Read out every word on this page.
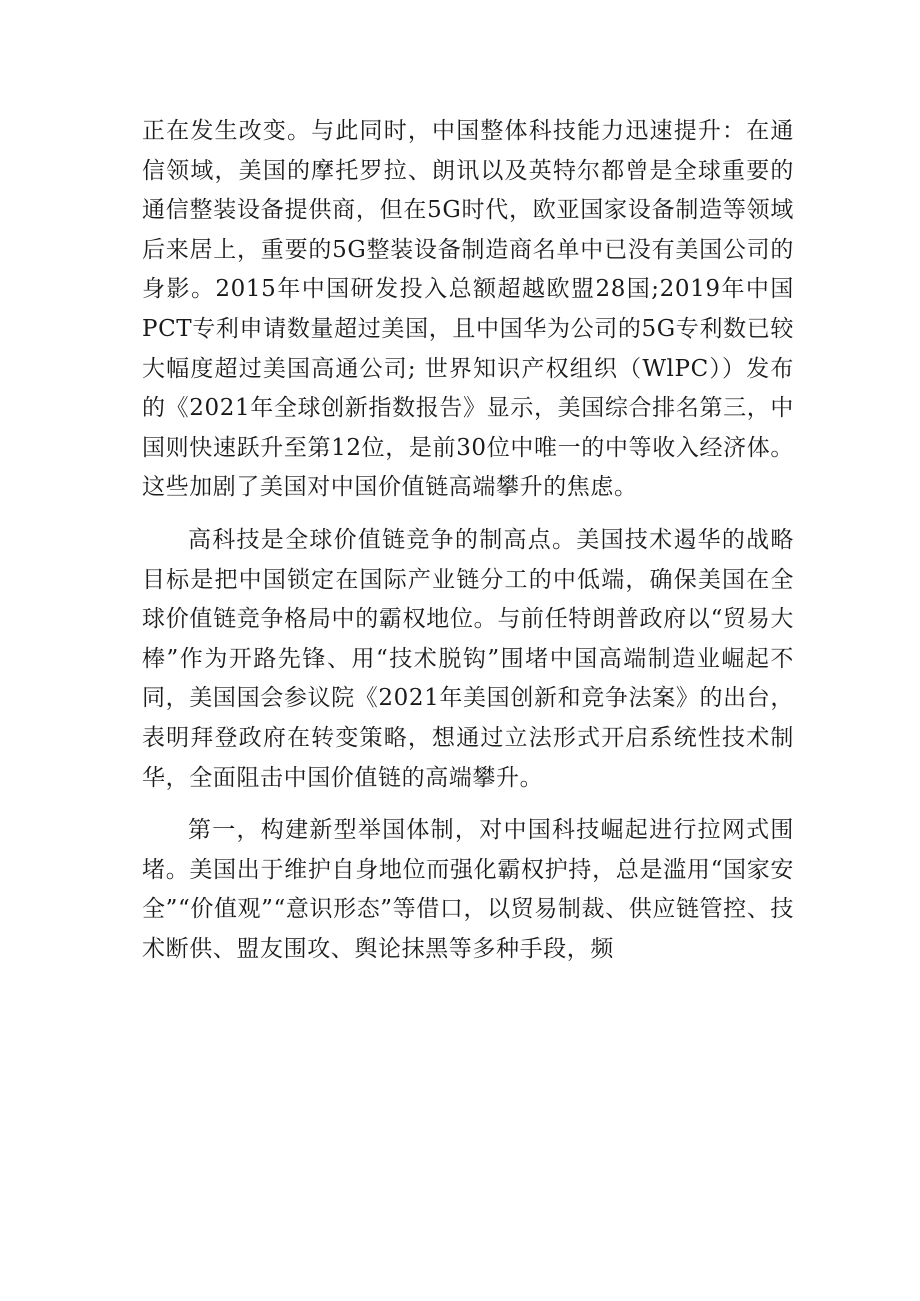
正在发生改变。与此同时，中国整体科技能力迅速提升：在通信领域，美国的摩托罗拉、朗讯以及英特尔都曾是全球重要的通信整装设备提供商，但在5G时代，欧亚国家设备制造等领域后来居上，重要的5G整装设备制造商名单中已没有美国公司的身影。2015年中国研发投入总额超越欧盟28国;2019年中国PCT专利申请数量超过美国，且中国华为公司的5G专利数已较大幅度超过美国高通公司; 世界知识产权组织（WlPC））发布的《2021年全球创新指数报告》显示，美国综合排名第三，中国则快速跃升至第12位，是前30位中唯一的中等收入经济体。这些加剧了美国对中国价值链高端攀升的焦虑。

高科技是全球价值链竞争的制高点。美国技术遏华的战略目标是把中国锁定在国际产业链分工的中低端，确保美国在全球价值链竞争格局中的霸权地位。与前任特朗普政府以“贸易大棒”作为开路先锋、用“技术脱钩”围堵中国高端制造业崛起不同，美国国会参议院《2021年美国创新和竞争法案》的出台，表明拜登政府在转变策略，想通过立法形式开启系统性技术制华，全面阻击中国价值链的高端攀升。

第一，构建新型举国体制，对中国科技崛起进行拉网式围堵。美国出于维护自身地位而强化霸权护持，总是滥用“国家安全”“价值观”“意识形态”等借口，以贸易制裁、供应链管控、技术断供、盟友围攻、舆论抹黑等多种手段，频
